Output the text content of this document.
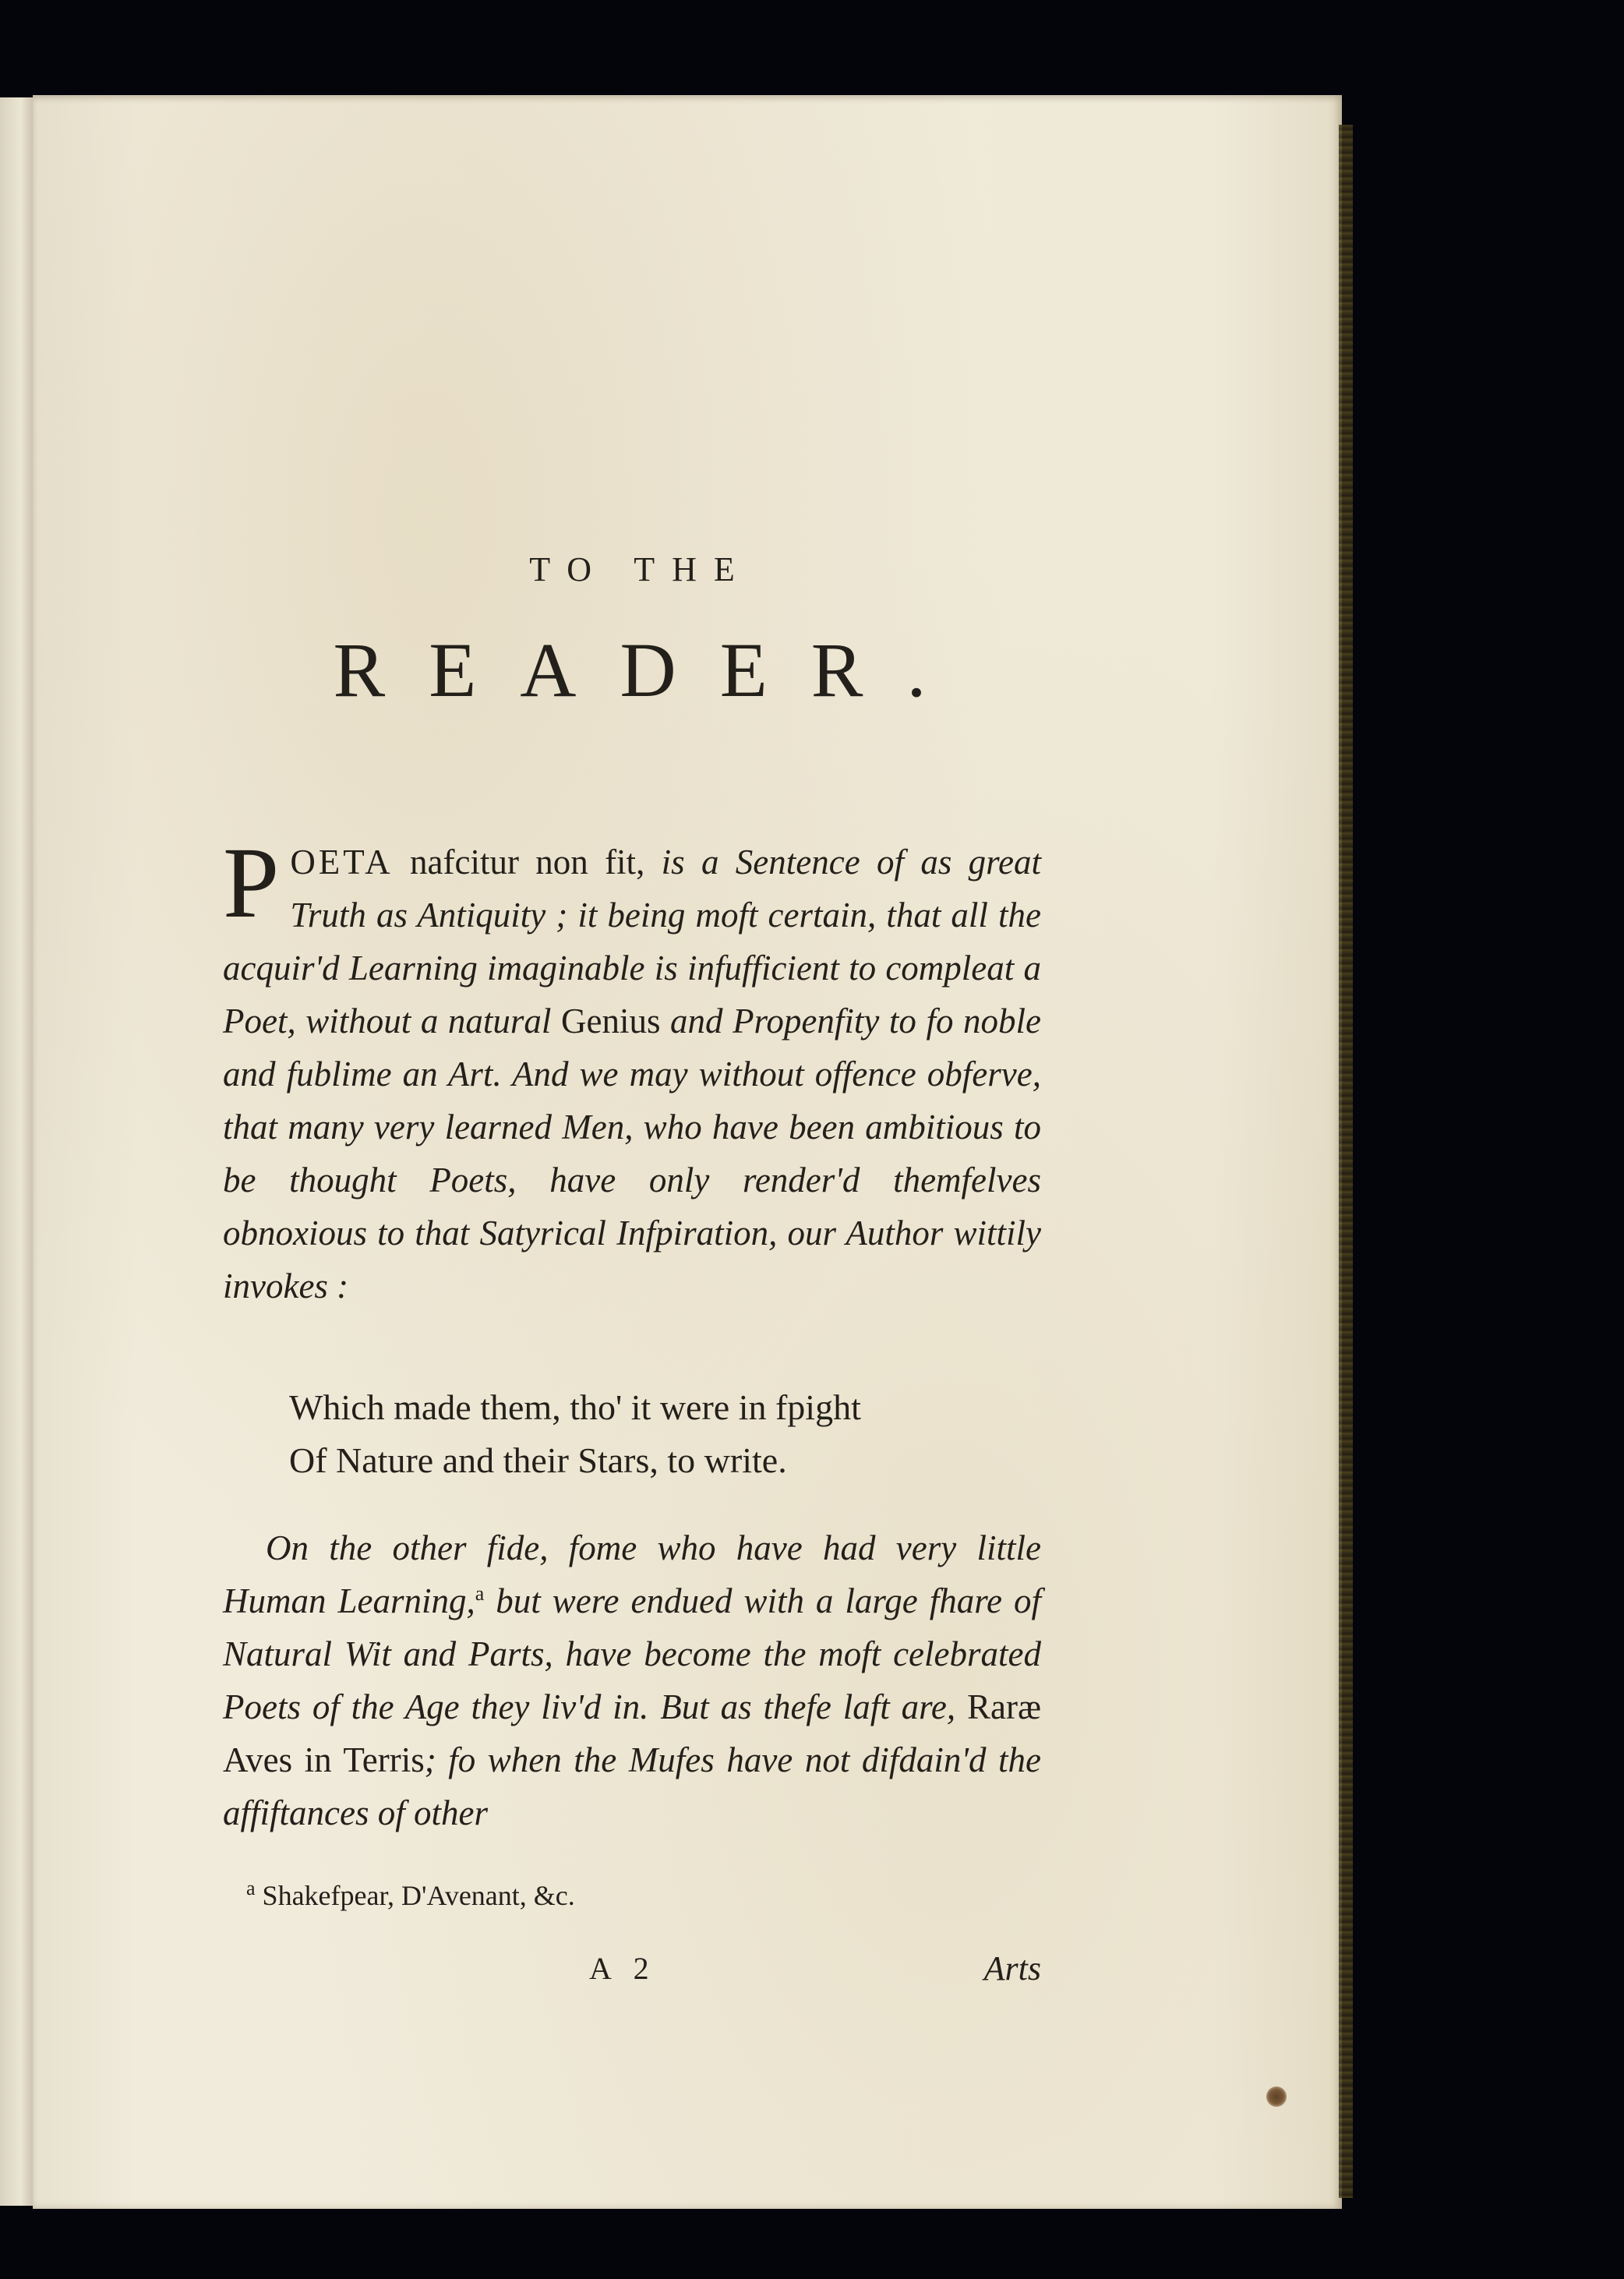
TO THE
READER.
POETA nafcitur non fit, is a Sentence of as great Truth as Antiquity ; it being moft certain, that all the acquir'd Learning imaginable is infufficient to compleat a Poet, without a natural Genius and Propenfity to fo noble and fublime an Art. And we may without offence obferve, that many very learned Men, who have been ambitious to be thought Poets, have only render'd themfelves obnoxious to that Satyrical Infpiration, our Author wittily invokes :
Which made them, tho' it were in fpight
Of Nature and their Stars, to write.
On the other fide, fome who have had very little Human Learning,$^a$ but were endued with a large fhare of Natural Wit and Parts, have become the moft celebrated Poets of the Age they liv'd in. But as thefe laft are, Raræ Aves in Terris; fo when the Mufes have not difdain'd the affiftances of other
$^a$ Shakefpear, D'Avenant, &c.
A 2	Arts
